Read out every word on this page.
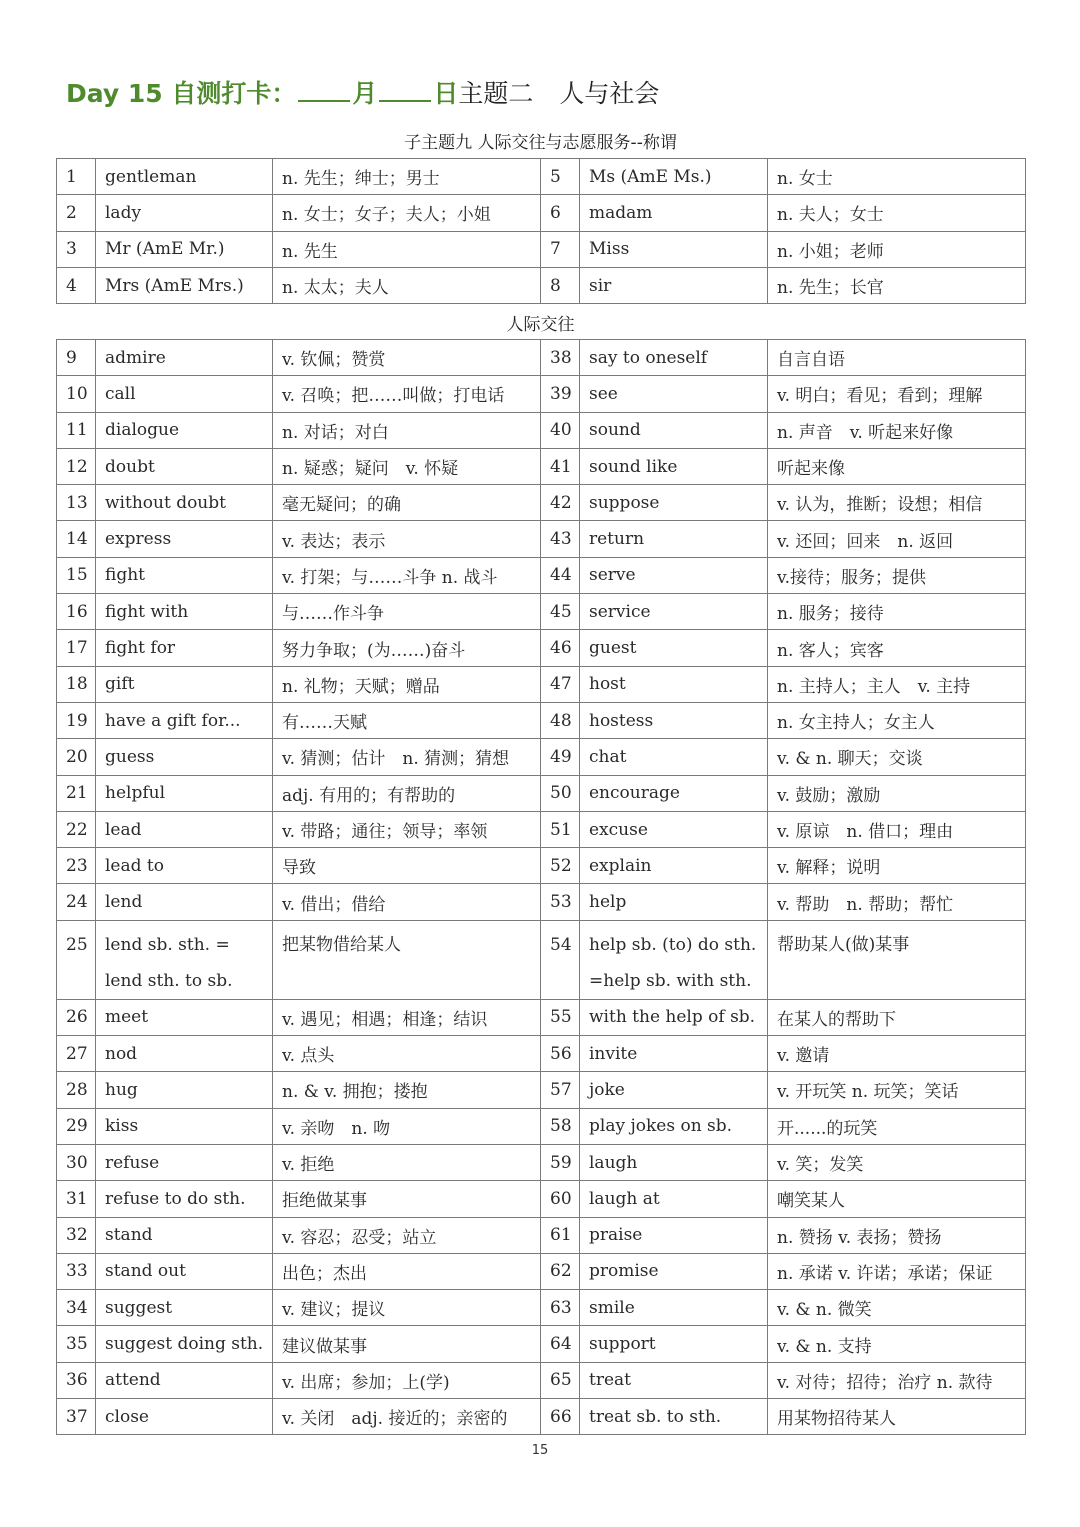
Day 15 自测打卡： 月 日主题二 人与社会
子主题九 人际交往与志愿服务--称谓
1	gentleman	n. 先生；绅士；男士	5	Ms (AmE Ms.)	n. 女士
2	lady	n. 女士；女子；夫人；小姐	6	madam	n. 夫人；女士
3	Mr (AmE Mr.)	n. 先生	7	Miss	n. 小姐；老师
4	Mrs (AmE Mrs.)	n. 太太；夫人	8	sir	n. 先生；长官
人际交往
9	admire	v. 钦佩；赞赏	38	say to oneself	自言自语
10	call	v. 召唤；把……叫做；打电话	39	see	v. 明白；看见；看到；理解
11	dialogue	n. 对话；对白	40	sound	n. 声音　v. 听起来好像
12	doubt	n. 疑惑；疑问　v. 怀疑	41	sound like	听起来像
13	without doubt	毫无疑问；的确	42	suppose	v. 认为，推断；设想；相信
14	express	v. 表达；表示	43	return	v. 还回；回来　n. 返回
15	fight	v. 打架；与……斗争 n. 战斗	44	serve	v.接待；服务；提供
16	fight with	与……作斗争	45	service	n. 服务；接待
17	fight for	努力争取；(为……)奋斗	46	guest	n. 客人；宾客
18	gift	n. 礼物；天赋；赠品	47	host	n. 主持人；主人　v. 主持
19	have a gift for...	有……天赋	48	hostess	n. 女主持人；女主人
20	guess	v. 猜测；估计　n. 猜测；猜想	49	chat	v. & n. 聊天；交谈
21	helpful	adj. 有用的；有帮助的	50	encourage	v. 鼓励；激励
22	lead	v. 带路；通往；领导；率领	51	excuse	v. 原谅　n. 借口；理由
23	lead to	导致	52	explain	v. 解释；说明
24	lend	v. 借出；借给	53	help	v. 帮助　n. 帮助；帮忙
25	lend sb. sth. = lend sth. to sb.	把某物借给某人	54	help sb. (to) do sth. =help sb. with sth.	帮助某人(做)某事
26	meet	v. 遇见；相遇；相逢；结识	55	with the help of sb.	在某人的帮助下
27	nod	v. 点头	56	invite	v. 邀请
28	hug	n. & v. 拥抱；搂抱	57	joke	v. 开玩笑 n. 玩笑；笑话
29	kiss	v. 亲吻　n. 吻	58	play jokes on sb.	开......的玩笑
30	refuse	v. 拒绝	59	laugh	v. 笑；发笑
31	refuse to do sth.	拒绝做某事	60	laugh at	嘲笑某人
32	stand	v. 容忍；忍受；站立	61	praise	n. 赞扬 v. 表扬；赞扬
33	stand out	出色；杰出	62	promise	n. 承诺 v. 许诺；承诺；保证
34	suggest	v. 建议；提议	63	smile	v. & n. 微笑
35	suggest doing sth.	建议做某事	64	support	v. & n. 支持
36	attend	v. 出席；参加；上(学)	65	treat	v. 对待；招待；治疗 n. 款待
37	close	v. 关闭　adj. 接近的；亲密的	66	treat sb. to sth.	用某物招待某人
15
